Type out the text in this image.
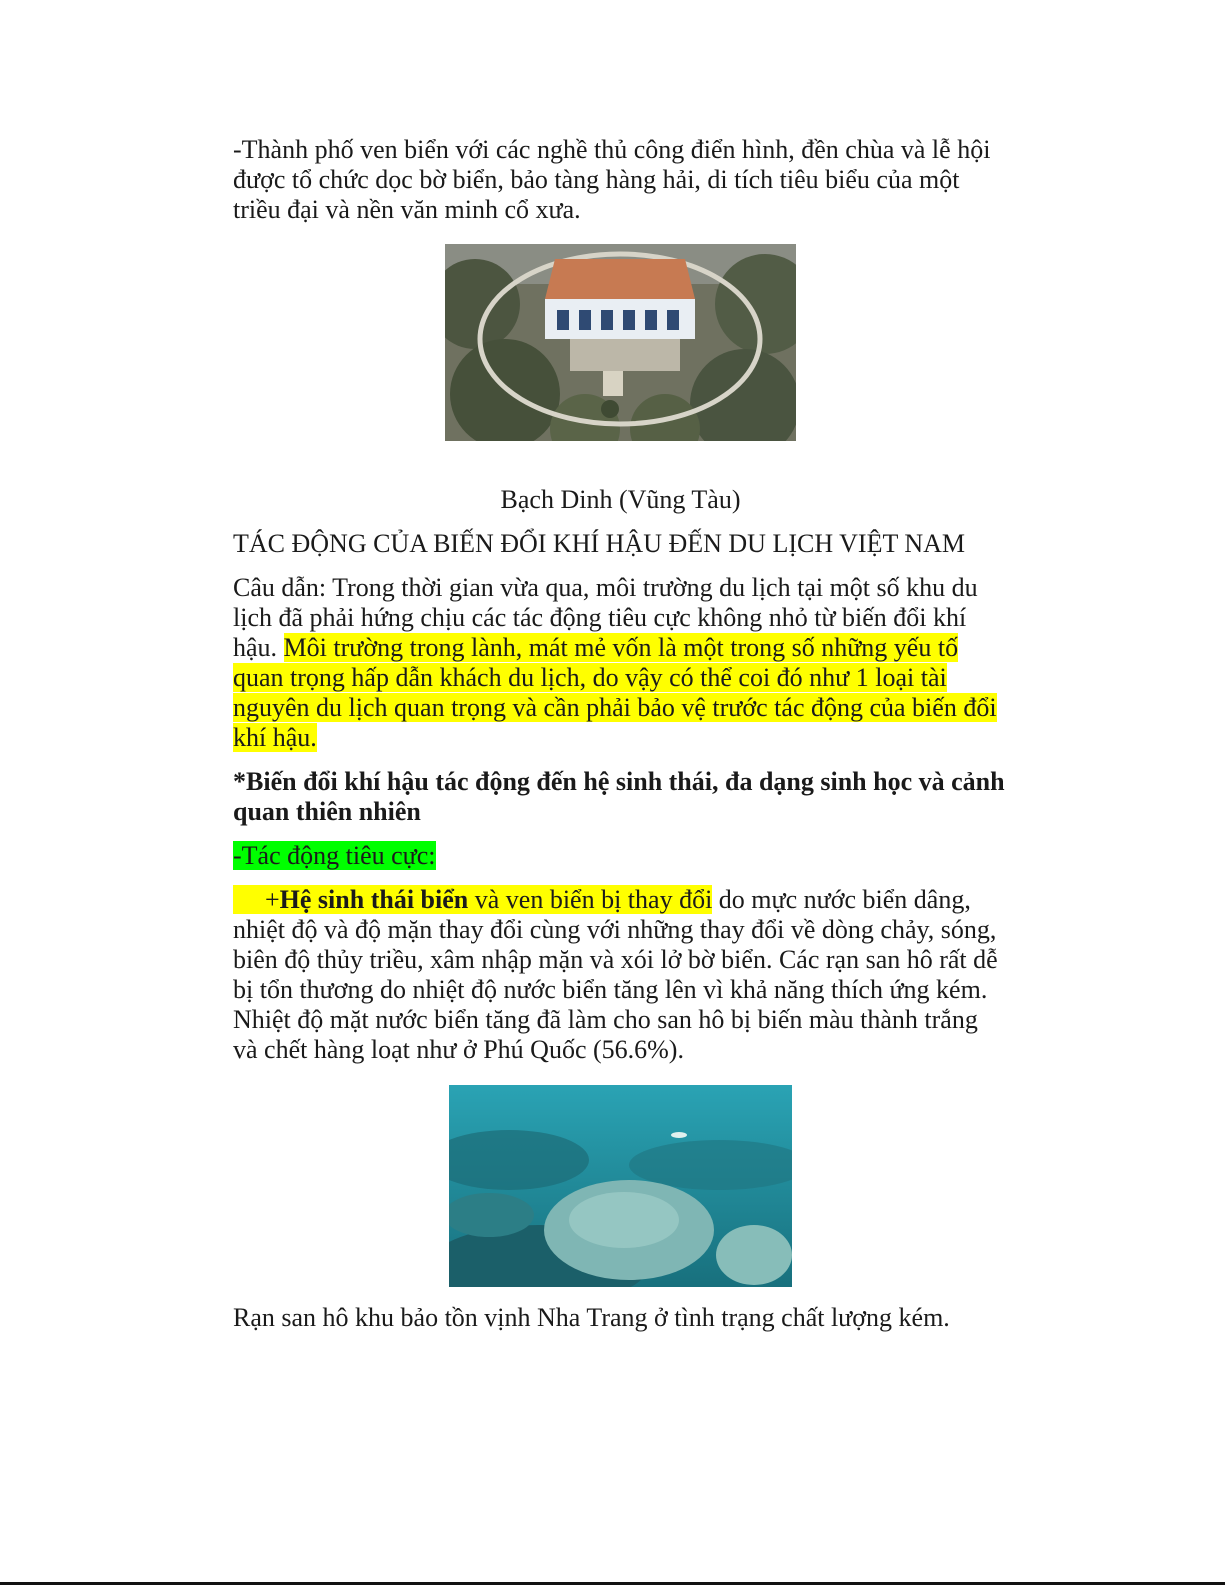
-Thành phố ven biển với các nghề thủ công điển hình, đền chùa và lễ hội được tổ chức dọc bờ biển, bảo tàng hàng hải, di tích tiêu biểu của một triều đại và nền văn minh cổ xưa.

Bạch Dinh (Vũng Tàu)

TÁC ĐỘNG CỦA BIẾN ĐỔI KHÍ HẬU ĐẾN DU LỊCH VIỆT NAM

Câu dẫn: Trong thời gian vừa qua, môi trường du lịch tại một số khu du lịch đã phải hứng chịu các tác động tiêu cực không nhỏ từ biến đổi khí hậu. Môi trường trong lành, mát mẻ vốn là một trong số những yếu tố quan trọng hấp dẫn khách du lịch, do vậy có thể coi đó như 1 loại tài nguyên du lịch quan trọng và cần phải bảo vệ trước tác động của biến đổi khí hậu.

*Biến đổi khí hậu tác động đến hệ sinh thái, đa dạng sinh học và cảnh quan thiên nhiên

-Tác động tiêu cực:

+Hệ sinh thái biển và ven biển bị thay đổi do mực nước biển dâng, nhiệt độ và độ mặn thay đổi cùng với những thay đổi về dòng chảy, sóng, biên độ thủy triều, xâm nhập mặn và xói lở bờ biển. Các rạn san hô rất dễ bị tổn thương do nhiệt độ nước biển tăng lên vì khả năng thích ứng kém. Nhiệt độ mặt nước biển tăng đã làm cho san hô bị biến màu thành trắng và chết hàng loạt như ở Phú Quốc (56.6%).

Rạn san hô khu bảo tồn vịnh Nha Trang ở tình trạng chất lượng kém.
